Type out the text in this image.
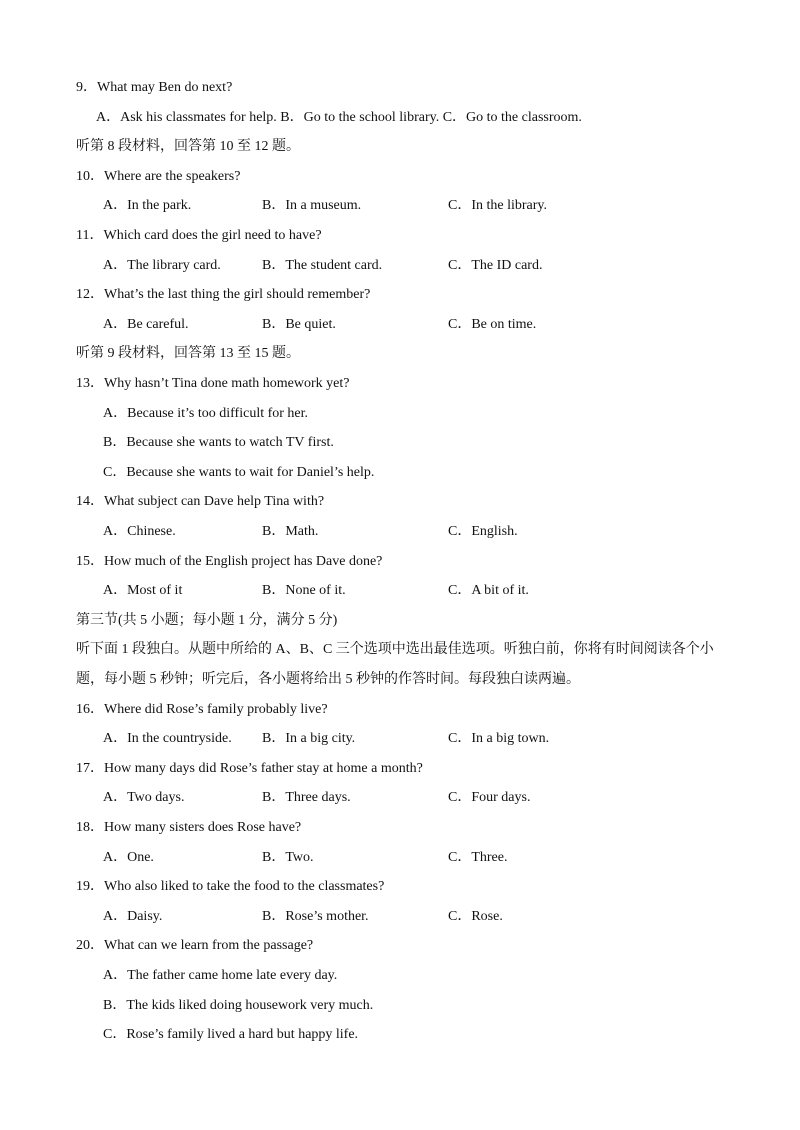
9．What may Ben do next?
A．Ask his classmates for help. B．Go to the school library. C．Go to the classroom.
听第 8 段材料，回答第 10 至 12 题。
10．Where are the speakers?
A．In the park.	B．In a museum.	C．In the library.
11．Which card does the girl need to have?
A．The library card.	B．The student card.	C．The ID card.
12．What’s the last thing the girl should remember?
A．Be careful.	B．Be quiet.	C．Be on time.
听第 9 段材料，回答第 13 至 15 题。
13．Why hasn’t Tina done math homework yet?
A．Because it’s too difficult for her.
B．Because she wants to watch TV first.
C．Because she wants to wait for Daniel’s help.
14．What subject can Dave help Tina with?
A．Chinese.	B．Math.	C．English.
15．How much of the English project has Dave done?
A．Most of it	B．None of it.	C．A bit of it.
第三节(共 5 小题；每小题 1 分，满分 5 分)
听下面 1 段独白。从题中所给的 A、B、C 三个选项中选出最佳选项。听独白前，你将有时间阅读各个小
题，每小题 5 秒钟；听完后，各小题将给出 5 秒钟的作答时间。每段独白读两遍。
16．Where did Rose’s family probably live?
A．In the countryside. B．In a big city.	C．In a big town.
17．How many days did Rose’s father stay at home a month?
A．Two days.	B．Three days.	C．Four days.
18．How many sisters does Rose have?
A．One.	B．Two.	C．Three.
19．Who also liked to take the food to the classmates?
A．Daisy.	B．Rose’s mother.	C．Rose.
20．What can we learn from the passage?
A．The father came home late every day.
B．The kids liked doing housework very much.
C．Rose’s family lived a hard but happy life.
